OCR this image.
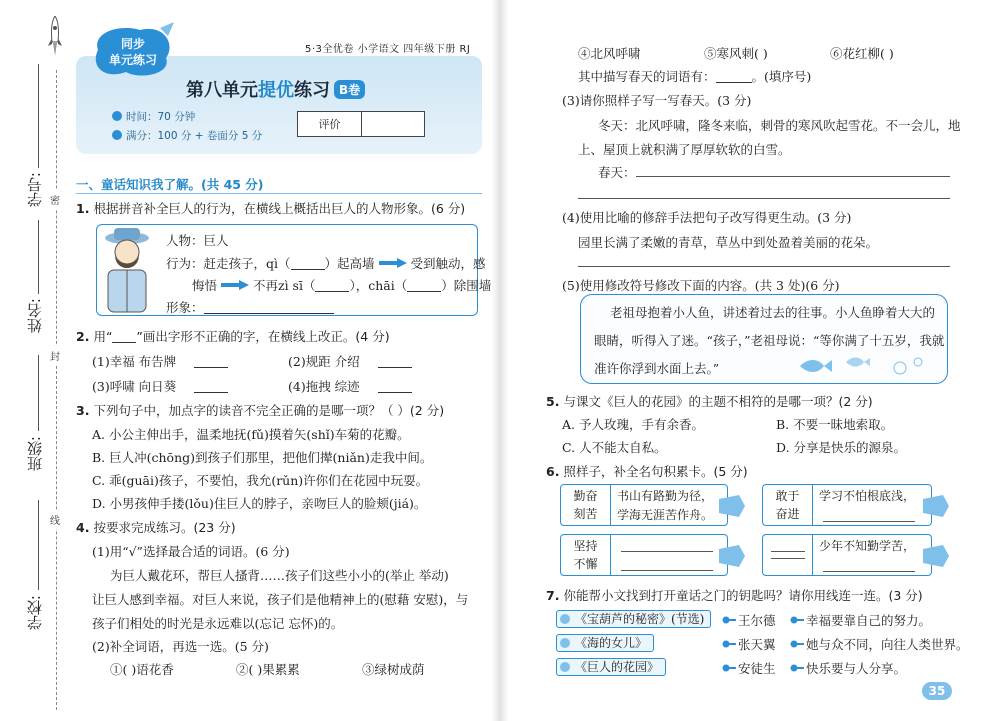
密
封
线
学号:
姓名:
班级:
学校:
5·3全优卷 小学语文 四年级下册 RJ
同步
单元练习
第八单元提优练习 B卷
时间：70 分钟
满分：100 分 + 卷面分 5 分
评价
一、童话知识我了解。(共 45 分)
1. 根据拼音补全巨人的行为，在横线上概括出巨人的人物形象。(6 分)
人物：巨人
行为：赶走孩子，qì（	）起高墙	受到触动，感
悔悟	不再zì sī（	），chāi（	）除围墙
形象：
2. 用“ ”画出字形不正确的字，在横线上改正。(4 分)
(1)幸福 布告牌	(2)规距 介绍
(3)呼啸 向日葵	(4)拖拽 综迹
3. 下列句子中，加点字的读音不完全正确的是哪一项？（ ）(2 分)
A. 小公主伸出手，温柔地抚(fǔ)摸着矢(shǐ)车菊的花瓣。
B. 巨人冲(chōng)到孩子们那里，把他们撵(niǎn)走我中间。
C. 乖(guāi)孩子，不要怕，我允(rǔn)许你们在花园中玩耍。
D. 小男孩伸手搂(lǒu)住巨人的脖子，亲吻巨人的脸颊(jiá)。
4. 按要求完成练习。(23 分)
(1)用“√”选择最合适的词语。(6 分)
为巨人戴花环，帮巨人搔背……孩子们这些小小的(举止 举动)
让巨人感到幸福。对巨人来说，孩子们是他精神上的(慰藉 安慰)，与
孩子们相处的时光是永远难以(忘记 忘怀)的。
(2)补全词语，再选一选。(5 分)
①( )语花香	②( )果累累	③绿树成荫
④北风呼啸	⑤寒风刺( )	⑥花红柳( )
其中描写春天的词语有：	。(填序号)
(3)请你照样子写一写春天。(3 分)
冬天：北风呼啸，隆冬来临，刺骨的寒风吹起雪花。不一会儿，地
上、屋顶上就积满了厚厚软软的白雪。
春天：
(4)使用比喻的修辞手法把句子改写得更生动。(3 分)
园里长满了柔嫩的青草，草丛中到处盈着美丽的花朵。
(5)使用修改符号修改下面的内容。(共 3 处)(6 分)
老祖母抱着小人鱼，讲述着过去的往事。小人鱼睁着大大的
眼睛，听得入了迷。“孩子，”老祖母说：“等你满了十五岁，我就
准许你浮到水面上去。”
5. 与课文《巨人的花园》的主题不相符的是哪一项？(2 分)
A. 予人玫瑰，手有余香。	B. 不要一昧地索取。
C. 人不能太自私。	D. 分享是快乐的源泉。
6. 照样子，补全名句积累卡。(5 分)
勤奋
刻苦
书山有路勤为径，
学海无涯苦作舟。
敢于
奋进
学习不怕根底浅，
坚持
不懈
少年不知勤学苦，
7. 你能帮小文找到打开童话之门的钥匙吗？请你用线连一连。(3 分)
《宝葫芦的秘密》(节选)
《海的女儿》
《巨人的花园》
王尔德
张天翼
安徒生
幸福要靠自己的努力。
她与众不同，向往人类世界。
快乐要与人分享。
35
